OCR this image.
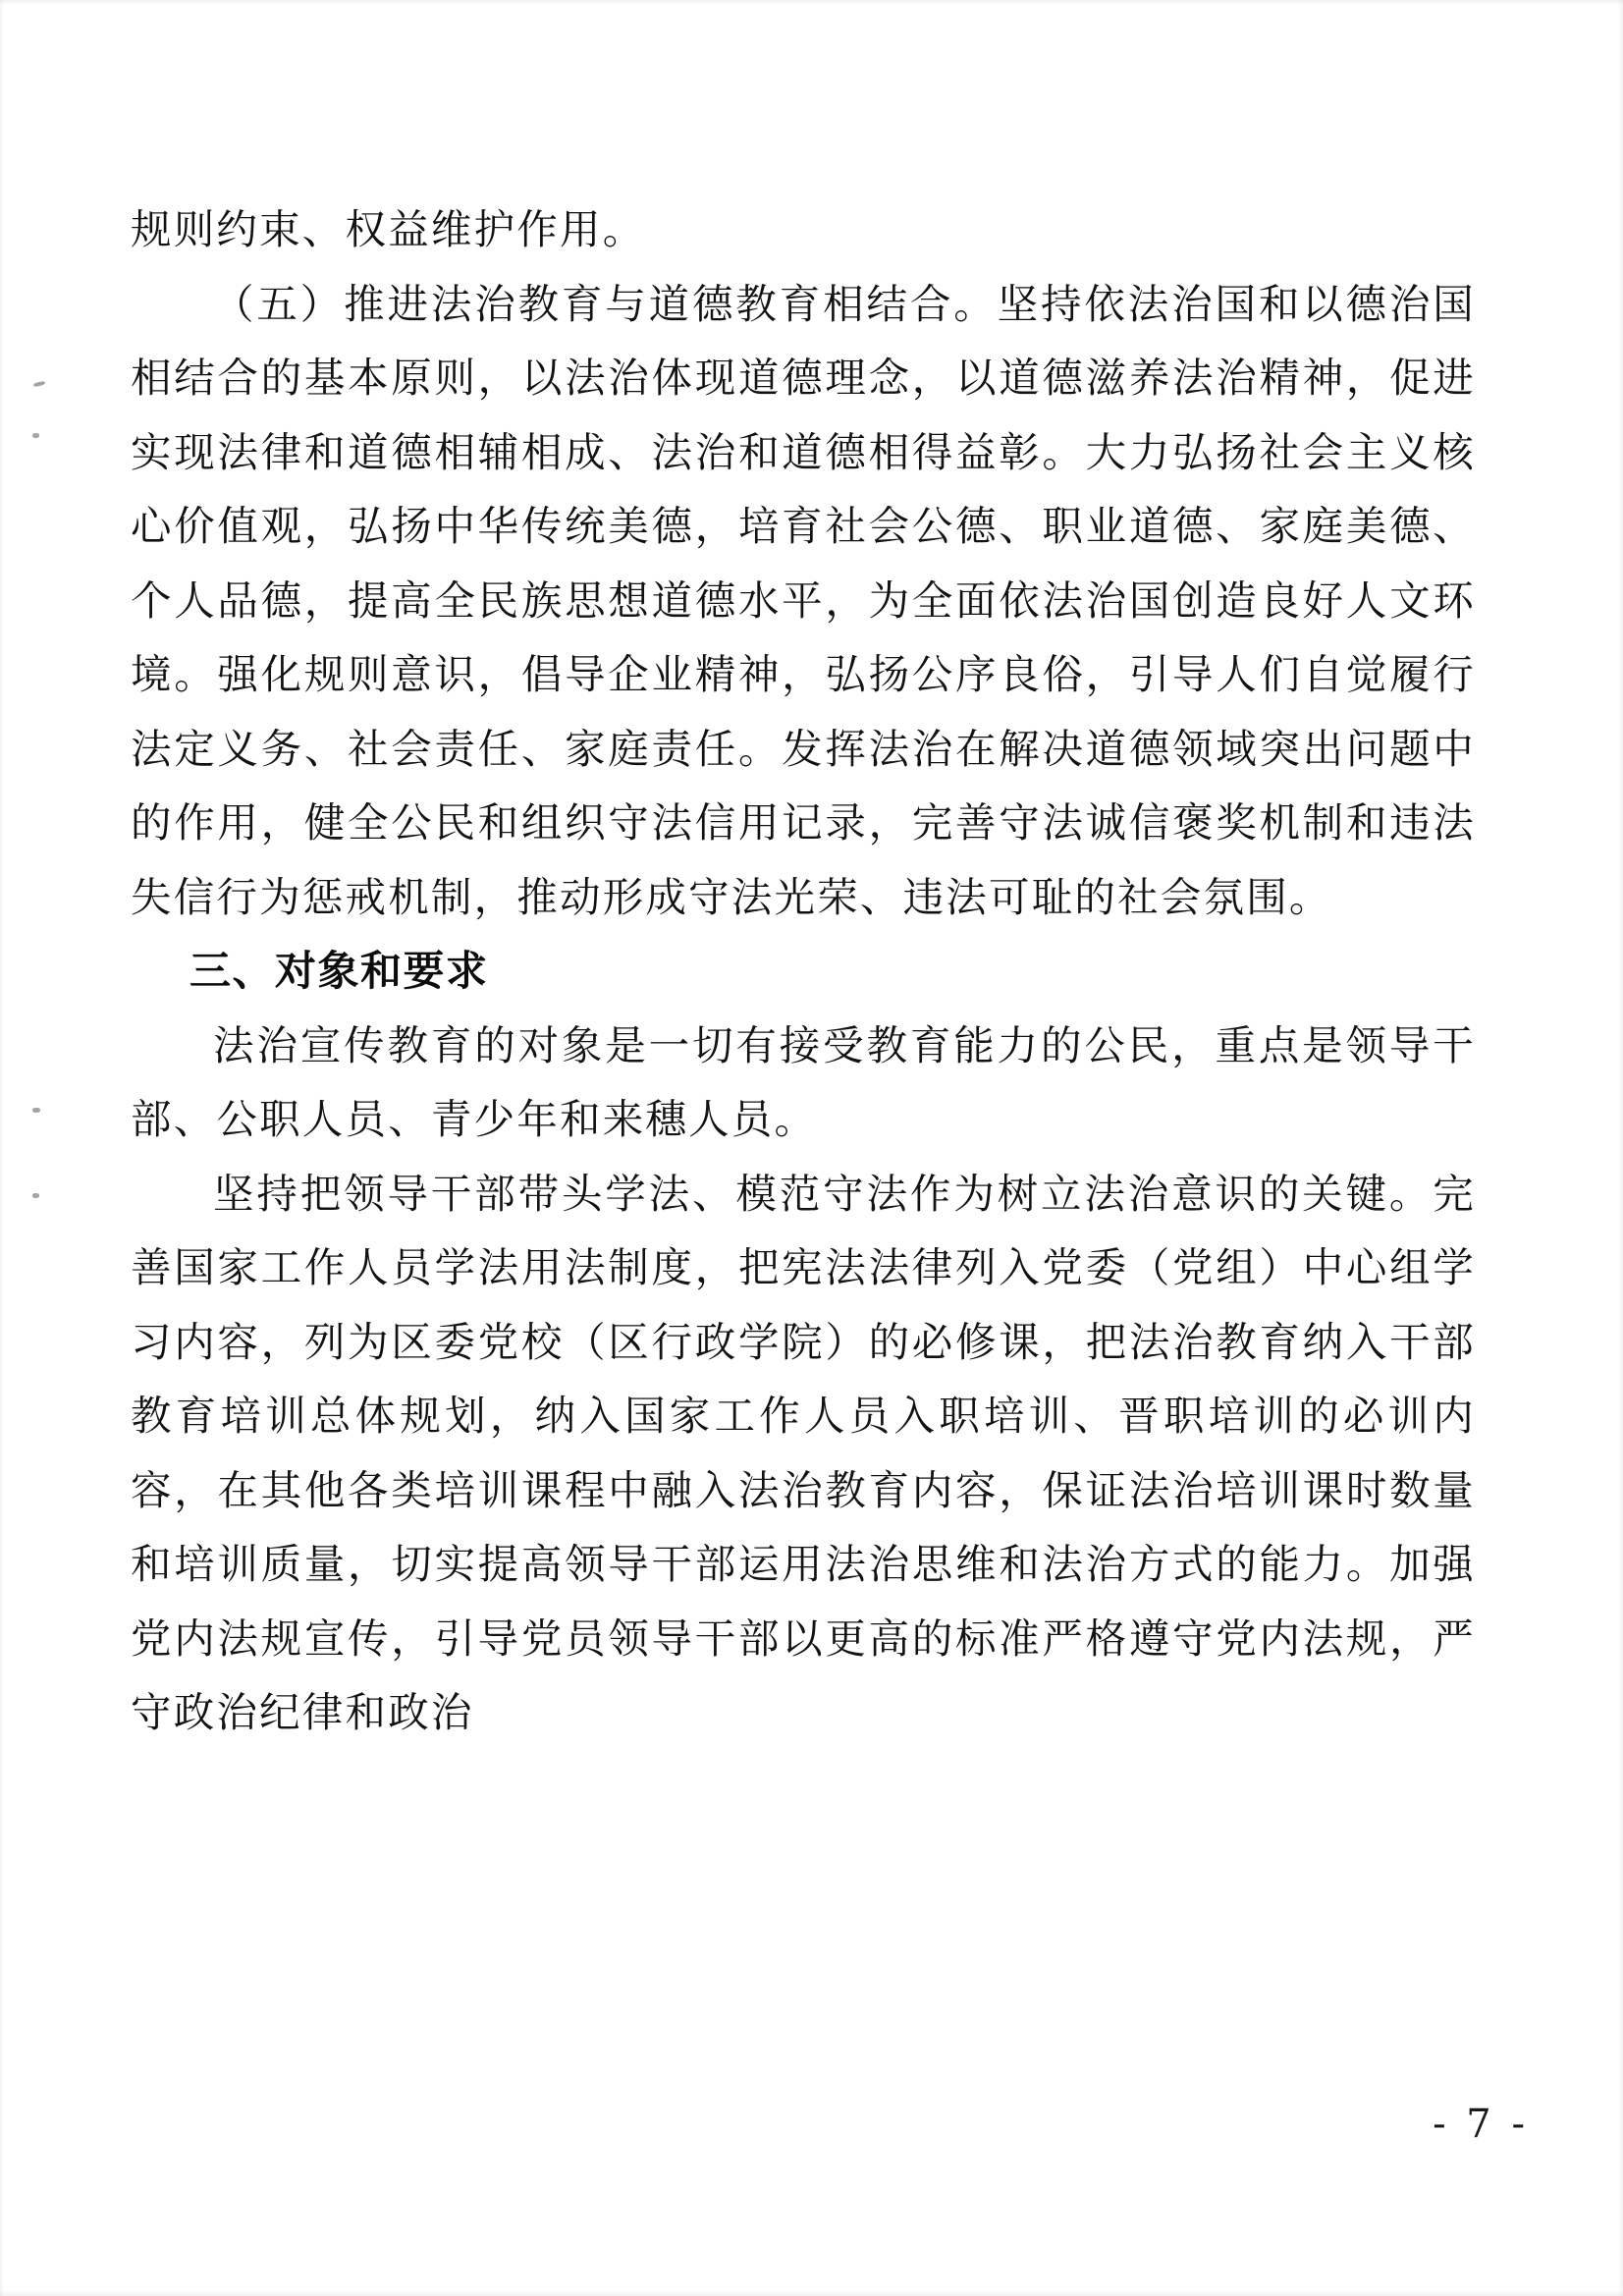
规则约束、权益维护作用。

（五）推进法治教育与道德教育相结合。坚持依法治国和以德治国相结合的基本原则，以法治体现道德理念，以道德滋养法治精神，促进实现法律和道德相辅相成、法治和道德相得益彰。大力弘扬社会主义核心价值观，弘扬中华传统美德，培育社会公德、职业道德、家庭美德、个人品德，提高全民族思想道德水平，为全面依法治国创造良好人文环境。强化规则意识，倡导企业精神，弘扬公序良俗，引导人们自觉履行法定义务、社会责任、家庭责任。发挥法治在解决道德领域突出问题中的作用，健全公民和组织守法信用记录，完善守法诚信褒奖机制和违法失信行为惩戒机制，推动形成守法光荣、违法可耻的社会氛围。

三、对象和要求

法治宣传教育的对象是一切有接受教育能力的公民，重点是领导干部、公职人员、青少年和来穗人员。

坚持把领导干部带头学法、模范守法作为树立法治意识的关键。完善国家工作人员学法用法制度，把宪法法律列入党委（党组）中心组学习内容，列为区委党校（区行政学院）的必修课，把法治教育纳入干部教育培训总体规划，纳入国家工作人员入职培训、晋职培训的必训内容，在其他各类培训课程中融入法治教育内容，保证法治培训课时数量和培训质量，切实提高领导干部运用法治思维和法治方式的能力。加强党内法规宣传，引导党员领导干部以更高的标准严格遵守党内法规，严守政治纪律和政治

- 7 -
